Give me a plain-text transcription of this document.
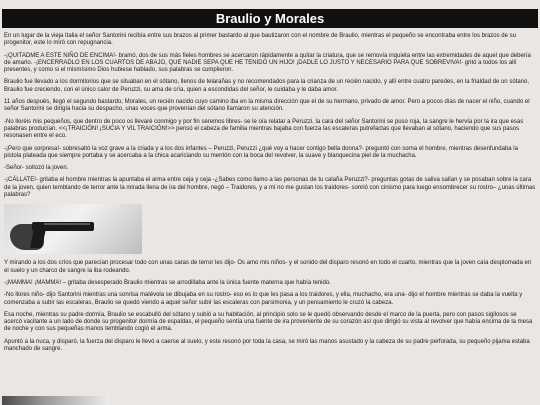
Braulio y Morales

En un lugar de la vieja Italia el señor Santorini recibía entre sus brazos al primer bastardo al que bautizaron con el nombre de Braulio, mientras el pequeño se encontraba entre los brazos de su progenitor, este lo miró con repugnancia.

-¡QUITADME A ESTE NIÑO DE ENCIMA!- bramó, dos de sus más fieles hombres se acercaron rápidamente a quitar la criatura, que se removía inquieta entre las extremidades de aquel que debería de amarlo. -¡ENCERRADLO EN LOS CUARTOS DE ABAJO, QUE NADIE SEPA QUE HE TENIDO UN HIJO! ¡DADLE LO JUSTO Y NECESARIO PARA QUE SOBREVIVA!- gritó a todos los allí presentes, y como si el mismísimo Dios hubiese hablado, sus palabras se cumplieron.

Braulio fue llevado a los dormitorios que se situaban en el sótano, llenos de telarañas y no recomendados para la crianza de un recién nacido, y allí entre cuatro paredes, en la frialdad de un sótano, Braulio fue creciendo, con el único calor de Peruzzi, su ama de cría, quien a escondidas del señor, le cuidaba y le daba amor.

11 años después, llegó el segundo bastardo, Morales, un recién nacido cuyo camino iba en la misma dirección que el de su hermano, privado de amor. Pero a pocos días de nacer el niño, cuando el señor Santorini se dirigía hacia su despacho, unas voces que provenían del sótano llamaron su atención.

-No lloréis mis pequeños, que dentro de poco os llevaré conmigo y por fin seremos libres- se le oía relatar a Peruzzi, la cara del señor Santorini se puso roja, la sangre le hervía por la ira que esas palabras producían. <<¡TRAICIÓN! ¡SUCIA Y VIL TRAICIÓN!>> pensó el cabeza de familia mientras bajaba con fuerza las escaleras putrefactas que llevaban al sótano, haciendo que sus pasos resonasen entre el eco.

-¡Pero que sorpresa!- sobresaltó la voz grave a la criada y a los dos infantes – Peruzzi, Peruzzi ¿qué voy a hacer contigo bella donna?- preguntó con sorna el hombre, mientras desenfundaba la pistola plateada que siempre portaba y se acercaba a la chica acariciando su mentón con la boca del revolver, la suave y blanquecina piel de la muchacha.

-Señor- sollozó la joven.

-¡CÁLLATE!- gritaba el hombre mientras la apuntaba el arma entre ceja y ceja -¿Sabes como llamo a las personas de tu calaña Peruzzi?- preguntas gotas de saliva salían y se posaban sobre la cara de la joven, quien temblando de terror ante la mirada llena de ira del hombre, negó – Traidores, y a mí no me gustan los traidores- sonrió con cinismo para luego ensombrecer su rostro– ¿unas últimas palabras?

Y mirando a los dos críos que parecían procesar todo con unas caras de terror les dijo- Os amo mis niños- y el sonido del disparo resonó en todo el cuarto, mientras que la joven caía desplomada en el suelo y un charco de sangre la iba rodeando.

-¡MAMMA! ¡MAMMA! – gritaba desesperado Braulio mientras se arrodillaba ante la única fuente materna que había tenido.

-No llores niño- dijo Santorini mientras una sonrisa malévola se dibujaba en su rostro- eso es lo que les pasa a los traidores, y ella, muchacho, era una- dijo el hombre mientras se daba la vuelta y comenzaba a subir las escaleras, Braulio se quedó viendo a aquel señor subir las escaleras con parsimonia, y un pensamiento le cruzó la cabeza.

Esa noche, mientras su padre dormía, Braulio se escabulló del sótano y subió a su habitación, al principio solo se le quedó observando desde el marco de la puerta, pero con pasos sigilosos se acercó vacilante a un lado de donde su progenitor dormía de espaldas, el pequeño sentía una fuente de ira proveniente de su corazón así que dirigió su vista al revolver que había encima de la mesa de noche y con sus pequeñas manos temblando cogió el arma.

Apuntó a la nuca, y disparó, la fuerza del disparo le llevó a caerse al suelo, y este resonó por toda la casa, se miró las manos asustado y la cabeza de su padre perforada, su pequeño pijama estaba manchado de sangre.
